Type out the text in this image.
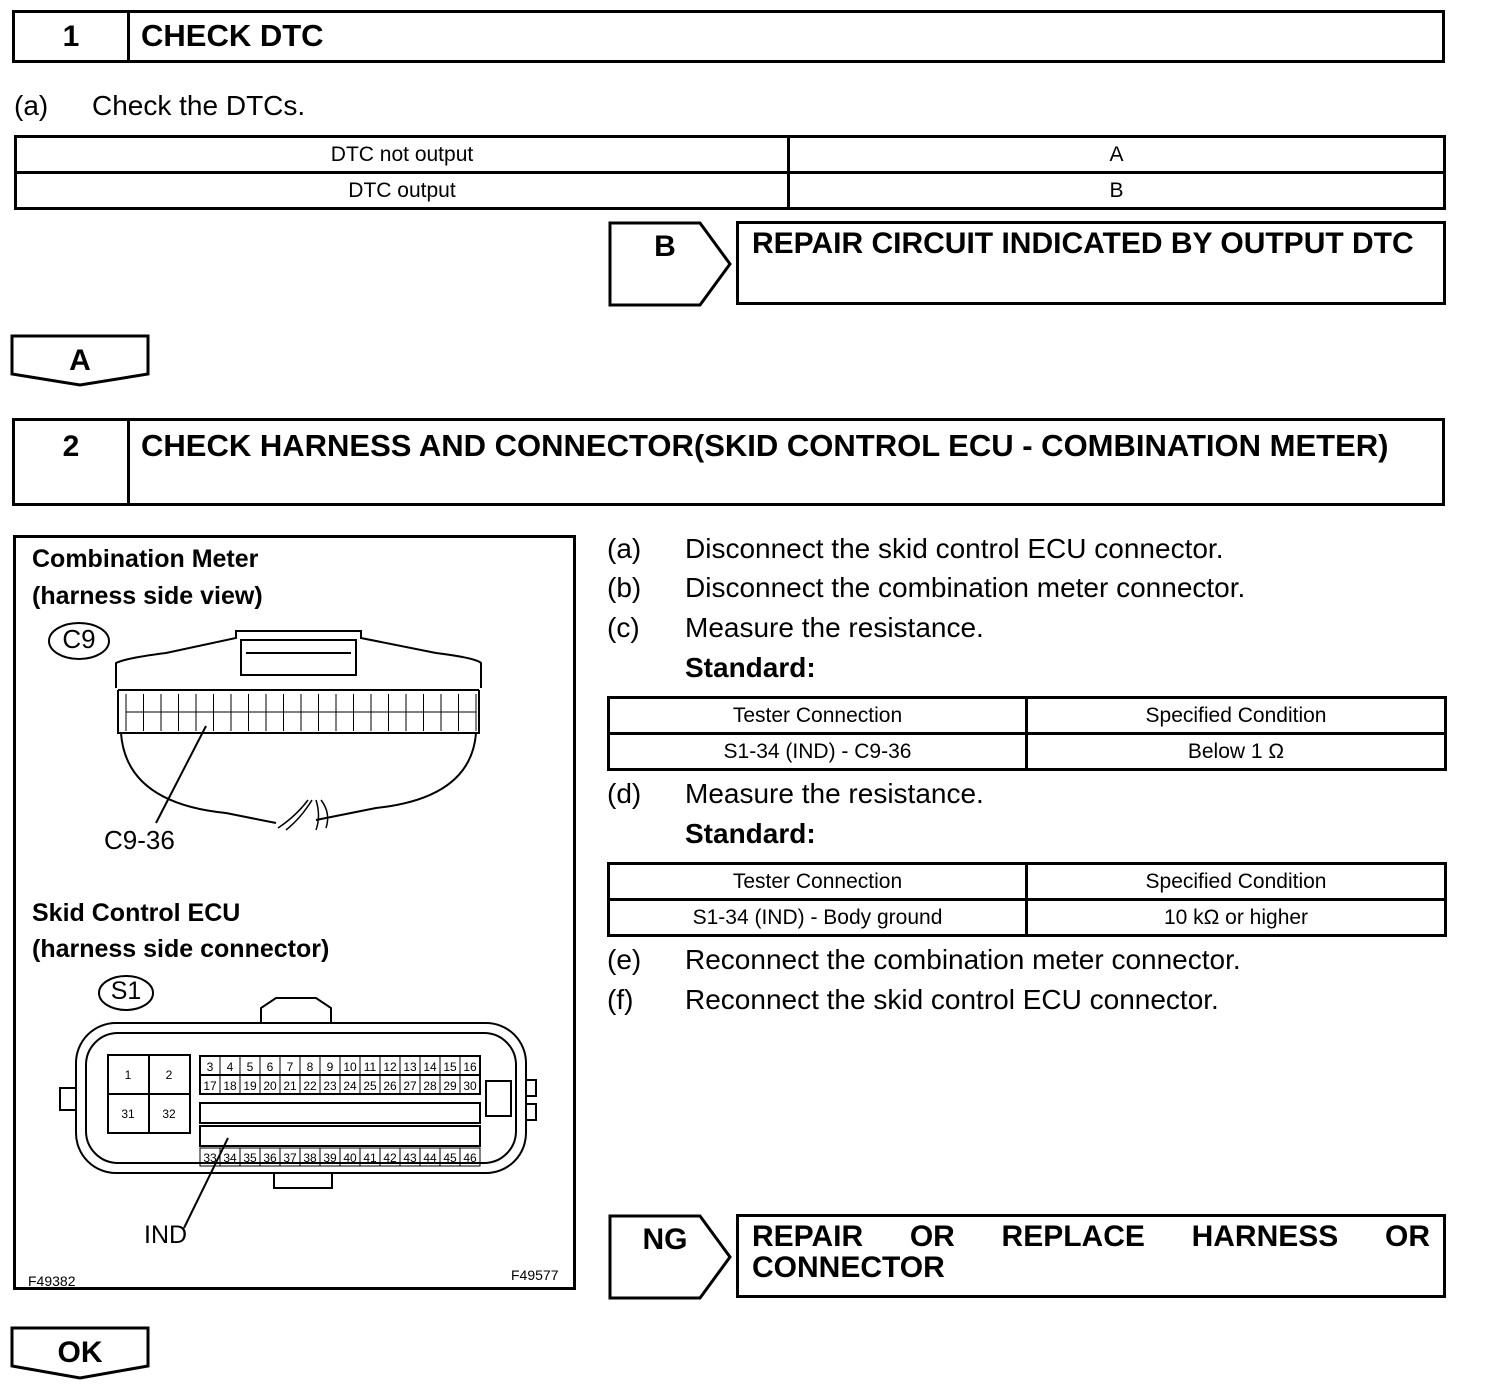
1	CHECK DTC
(a) Check the DTCs.
DTC not output	A
DTC output	B
B	REPAIR CIRCUIT INDICATED BY OUTPUT DTC
A
2	CHECK HARNESS AND CONNECTOR(SKID CONTROL ECU - COMBINATION METER)
Combination Meter
(harness side view)
3 4 5 6 7 8 9 10 11 12 13 14 15 16
17 18 19 20 21 22 23 24 25 26 27 28 29 30
33 34 35 36 37 38 39 40 41 42 43 44 45 46
1	2
31 32
C9
C9-36
Skid Control ECU
(harness side connector)
S1
IND
F49382	F49577
(a) Disconnect the skid control ECU connector.
(b) Disconnect the combination meter connector.
(c) Measure the resistance.
Standard:
Tester Connection	Specified Condition
S1-34 (IND) - C9-36	Below 1 Ω
(d) Measure the resistance.
Standard:
Tester Connection	Specified Condition
S1-34 (IND) - Body ground	10 kΩ or higher
(e) Reconnect the combination meter connector.
(f) Reconnect the skid control ECU connector.
NG	REPAIR OR REPLACE HARNESS OR CONNECTOR
OK
